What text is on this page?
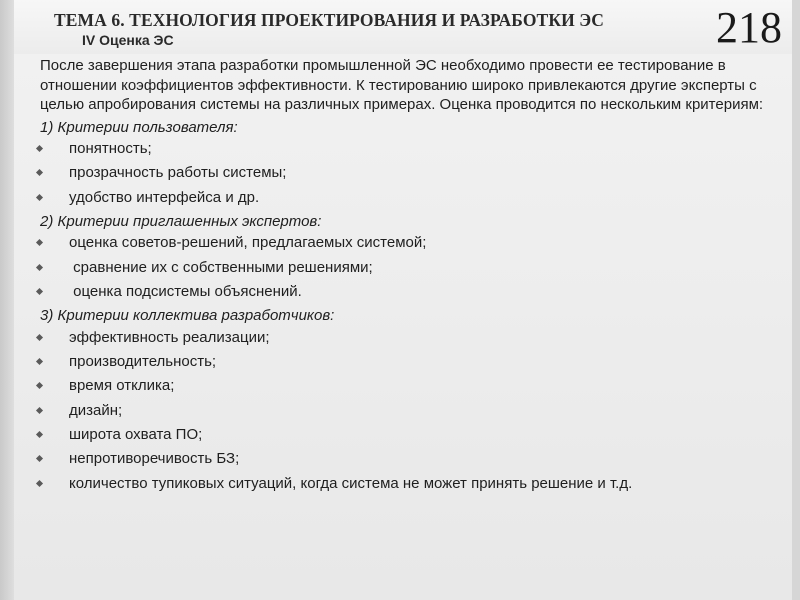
ТЕМА 6. ТЕХНОЛОГИЯ ПРОЕКТИРОВАНИЯ И РАЗРАБОТКИ ЭС
IV Оценка ЭС	218

После завершения этапа разработки промышленной ЭС необходимо провести ее тестирование в отношении коэффициентов эффективности. К тестированию широко привлекаются другие эксперты с целью апробирования системы на различных примерах. Оценка проводится по нескольким критериям:

1) Критерии пользователя:
понятность;
прозрачность работы системы;
удобство интерфейса и др.
2) Критерии приглашенных экспертов:
оценка советов-решений, предлагаемых системой;
сравнение их с собственными решениями;
оценка подсистемы объяснений.
3) Критерии коллектива разработчиков:
эффективность реализации;
производительность;
время отклика;
дизайн;
широта охвата ПО;
непротиворечивость БЗ;
количество тупиковых ситуаций, когда система не может принять решение и т.д.
